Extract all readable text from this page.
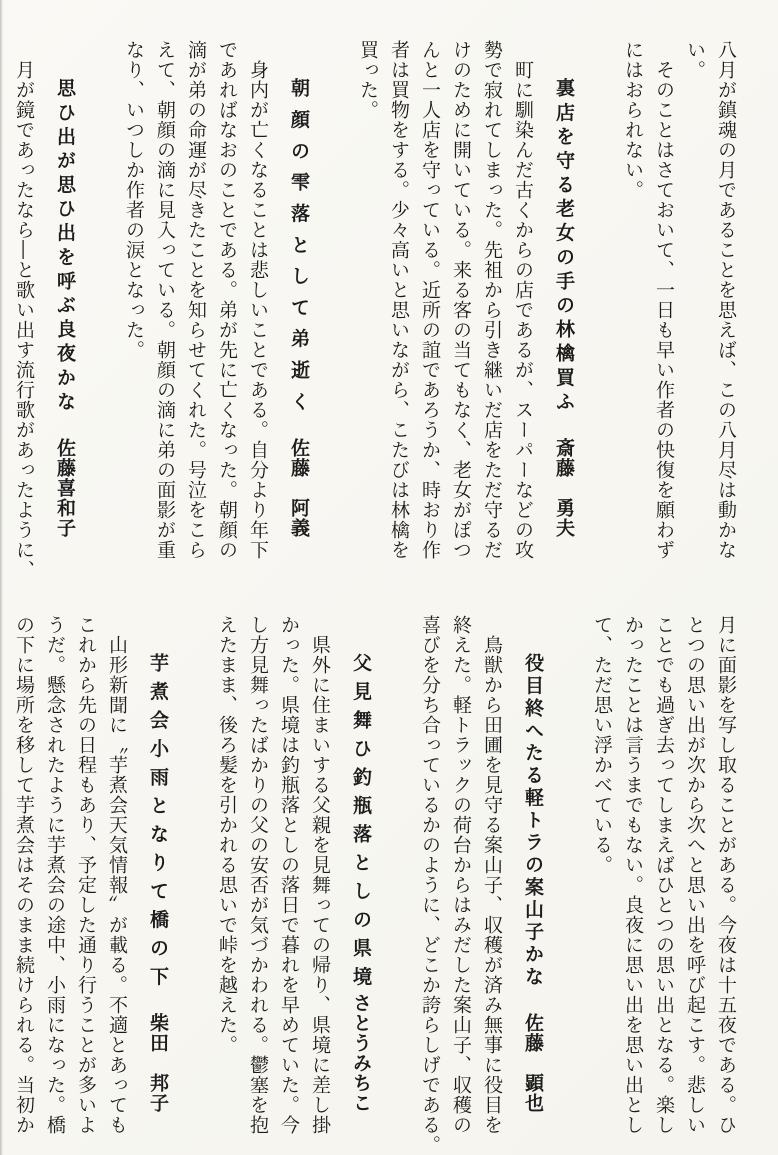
八月が鎮魂の月であることを思えば、この八月尽は動かな
い。
　そのことはさておいて、一日も早い作者の快復を願わず
にはおられない。
裏店を守る老女の手の林檎買ふ
斎藤　勇夫
　町に馴染んだ古くからの店であるが、スーパーなどの攻
勢で寂れてしまった。先祖から引き継いだ店をただ守るだ
けのために開いている。来る客の当てもなく、老女がぽつ
んと一人店を守っている。近所の誼であろうか、時おり作
者は買物をする。少々高いと思いながら、こたびは林檎を
買った。
朝顔の雫落として弟逝く
佐藤　阿義
　身内が亡くなることは悲しいことである。自分より年下
であればなおのことである。弟が先に亡くなった。朝顔の
滴が弟の命運が尽きたことを知らせてくれた。号泣をこら
えて、朝顔の滴に見入っている。朝顔の滴に弟の面影が重
なり、いつしか作者の涙となった。
思ひ出が思ひ出を呼ぶ良夜かな
佐藤喜和子
　月が鏡であったなら―と歌い出す流行歌があったように、
月に面影を写し取ることがある。今夜は十五夜である。ひ
とつの思い出が次から次へと思い出を呼び起こす。悲しい
ことでも過ぎ去ってしまえばひとつの思い出となる。楽し
かったことは言うまでもない。良夜に思い出を思い出とし
て、ただ思い浮かべている。
役目終へたる軽トラの案山子かな
佐藤　顕也
　鳥獣から田圃を見守る案山子、収穫が済み無事に役目を
終えた。軽トラックの荷台からはみだした案山子、収穫の
喜びを分ち合っているかのように、どこか誇らしげである。
父見舞ひ釣瓶落としの県境
さとうみちこ
　県外に住まいする父親を見舞っての帰り、県境に差し掛
かった。県境は釣瓶落としの落日で暮れを早めていた。今
し方見舞ったばかりの父の安否が気づかわれる。鬱塞を抱
えたまま、後ろ髪を引かれる思いで峠を越えた。
芋煮会小雨となりて橋の下
柴田　邦子
　山形新聞に〝芋煮会天気情報〟が載る。不適とあっても
これから先の日程もあり、予定した通り行うことが多いよ
うだ。懸念されたように芋煮会の途中、小雨になった。橋
の下に場所を移して芋煮会はそのまま続けられる。当初か
